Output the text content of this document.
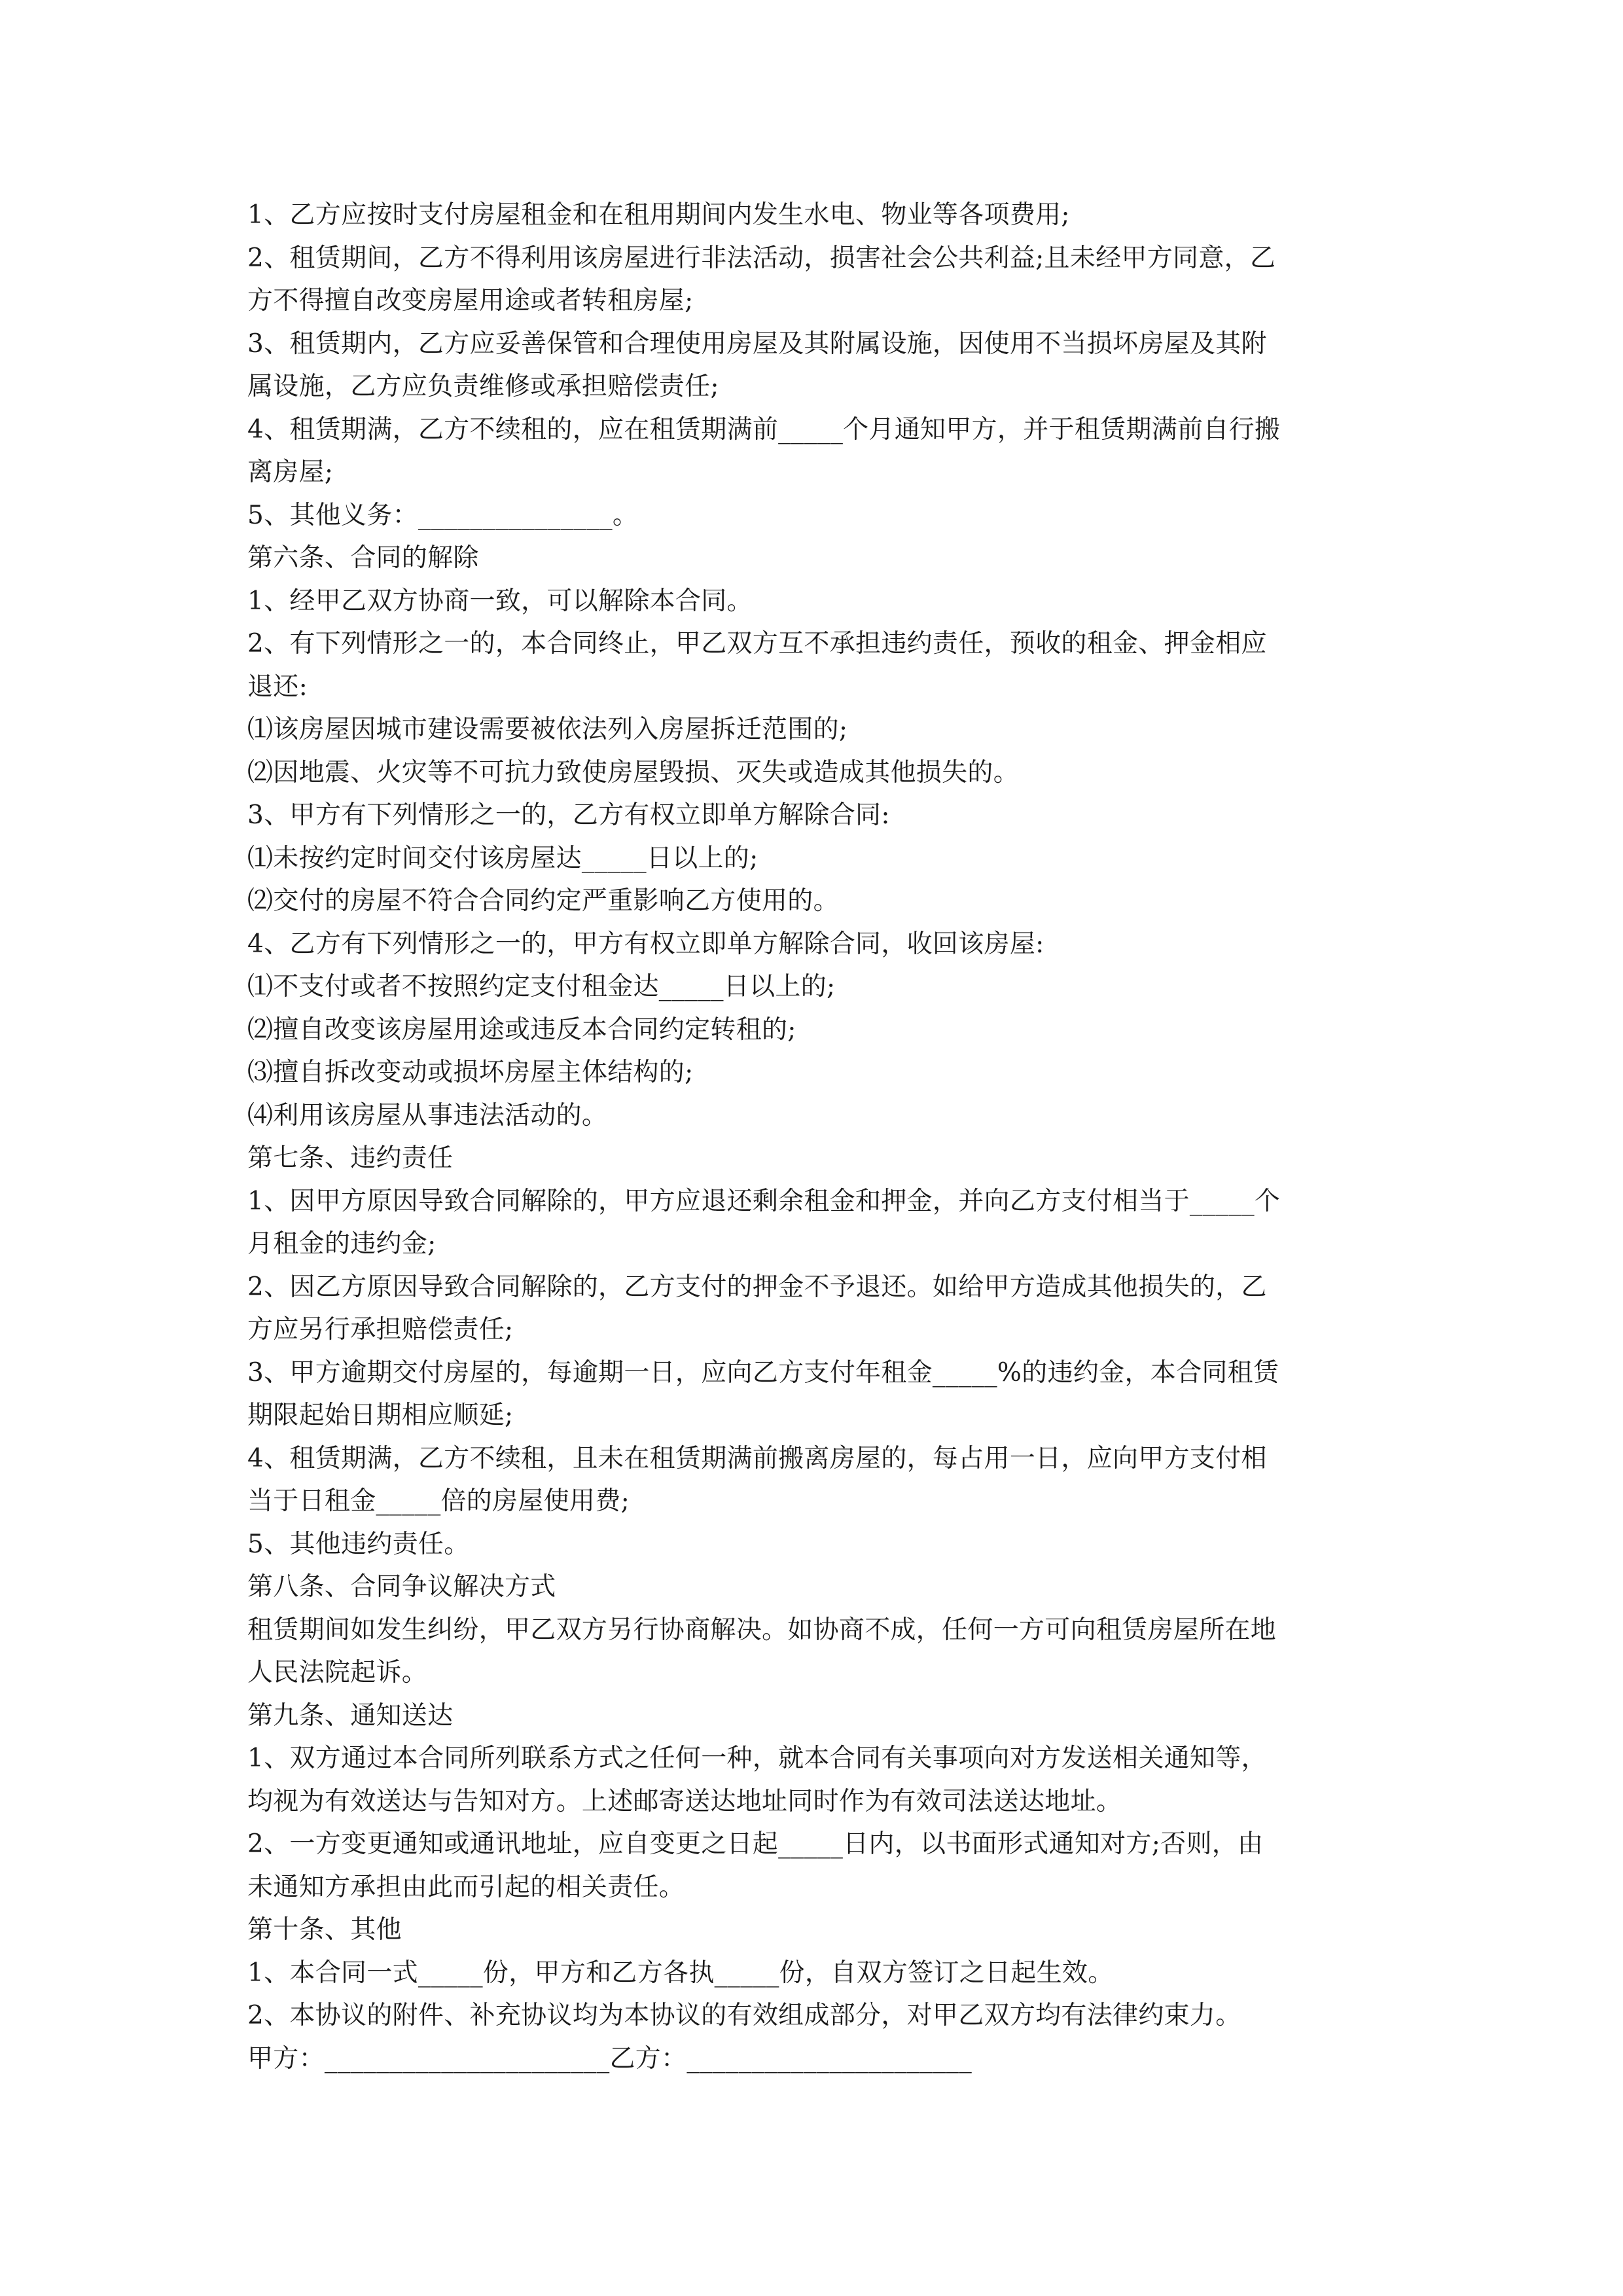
1、乙方应按时支付房屋租金和在租用期间内发生水电、物业等各项费用;
2、租赁期间，乙方不得利用该房屋进行非法活动，损害社会公共利益;且未经甲方同意，乙
方不得擅自改变房屋用途或者转租房屋;
3、租赁期内，乙方应妥善保管和合理使用房屋及其附属设施，因使用不当损坏房屋及其附
属设施，乙方应负责维修或承担赔偿责任;
4、租赁期满，乙方不续租的，应在租赁期满前_____个月通知甲方，并于租赁期满前自行搬
离房屋;
5、其他义务：_______________。
第六条、合同的解除
1、经甲乙双方协商一致，可以解除本合同。
2、有下列情形之一的，本合同终止，甲乙双方互不承担违约责任，预收的租金、押金相应
退还:
⑴该房屋因城市建设需要被依法列入房屋拆迁范围的;
⑵因地震、火灾等不可抗力致使房屋毁损、灭失或造成其他损失的。
3、甲方有下列情形之一的，乙方有权立即单方解除合同:
⑴未按约定时间交付该房屋达_____日以上的;
⑵交付的房屋不符合合同约定严重影响乙方使用的。
4、乙方有下列情形之一的，甲方有权立即单方解除合同，收回该房屋:
⑴不支付或者不按照约定支付租金达_____日以上的;
⑵擅自改变该房屋用途或违反本合同约定转租的;
⑶擅自拆改变动或损坏房屋主体结构的;
⑷利用该房屋从事违法活动的。
第七条、违约责任
1、因甲方原因导致合同解除的，甲方应退还剩余租金和押金，并向乙方支付相当于_____个
月租金的违约金;
2、因乙方原因导致合同解除的，乙方支付的押金不予退还。如给甲方造成其他损失的，乙
方应另行承担赔偿责任;
3、甲方逾期交付房屋的，每逾期一日，应向乙方支付年租金_____%的违约金，本合同租赁
期限起始日期相应顺延;
4、租赁期满，乙方不续租，且未在租赁期满前搬离房屋的，每占用一日，应向甲方支付相
当于日租金_____倍的房屋使用费;
5、其他违约责任。
第八条、合同争议解决方式
租赁期间如发生纠纷，甲乙双方另行协商解决。如协商不成，任何一方可向租赁房屋所在地
人民法院起诉。
第九条、通知送达
1、双方通过本合同所列联系方式之任何一种，就本合同有关事项向对方发送相关通知等，
均视为有效送达与告知对方。上述邮寄送达地址同时作为有效司法送达地址。
2、一方变更通知或通讯地址，应自变更之日起_____日内，以书面形式通知对方;否则，由
未通知方承担由此而引起的相关责任。
第十条、其他
1、本合同一式_____份，甲方和乙方各执_____份，自双方签订之日起生效。
2、本协议的附件、补充协议均为本协议的有效组成部分，对甲乙双方均有法律约束力。
甲方：______________________乙方：______________________
